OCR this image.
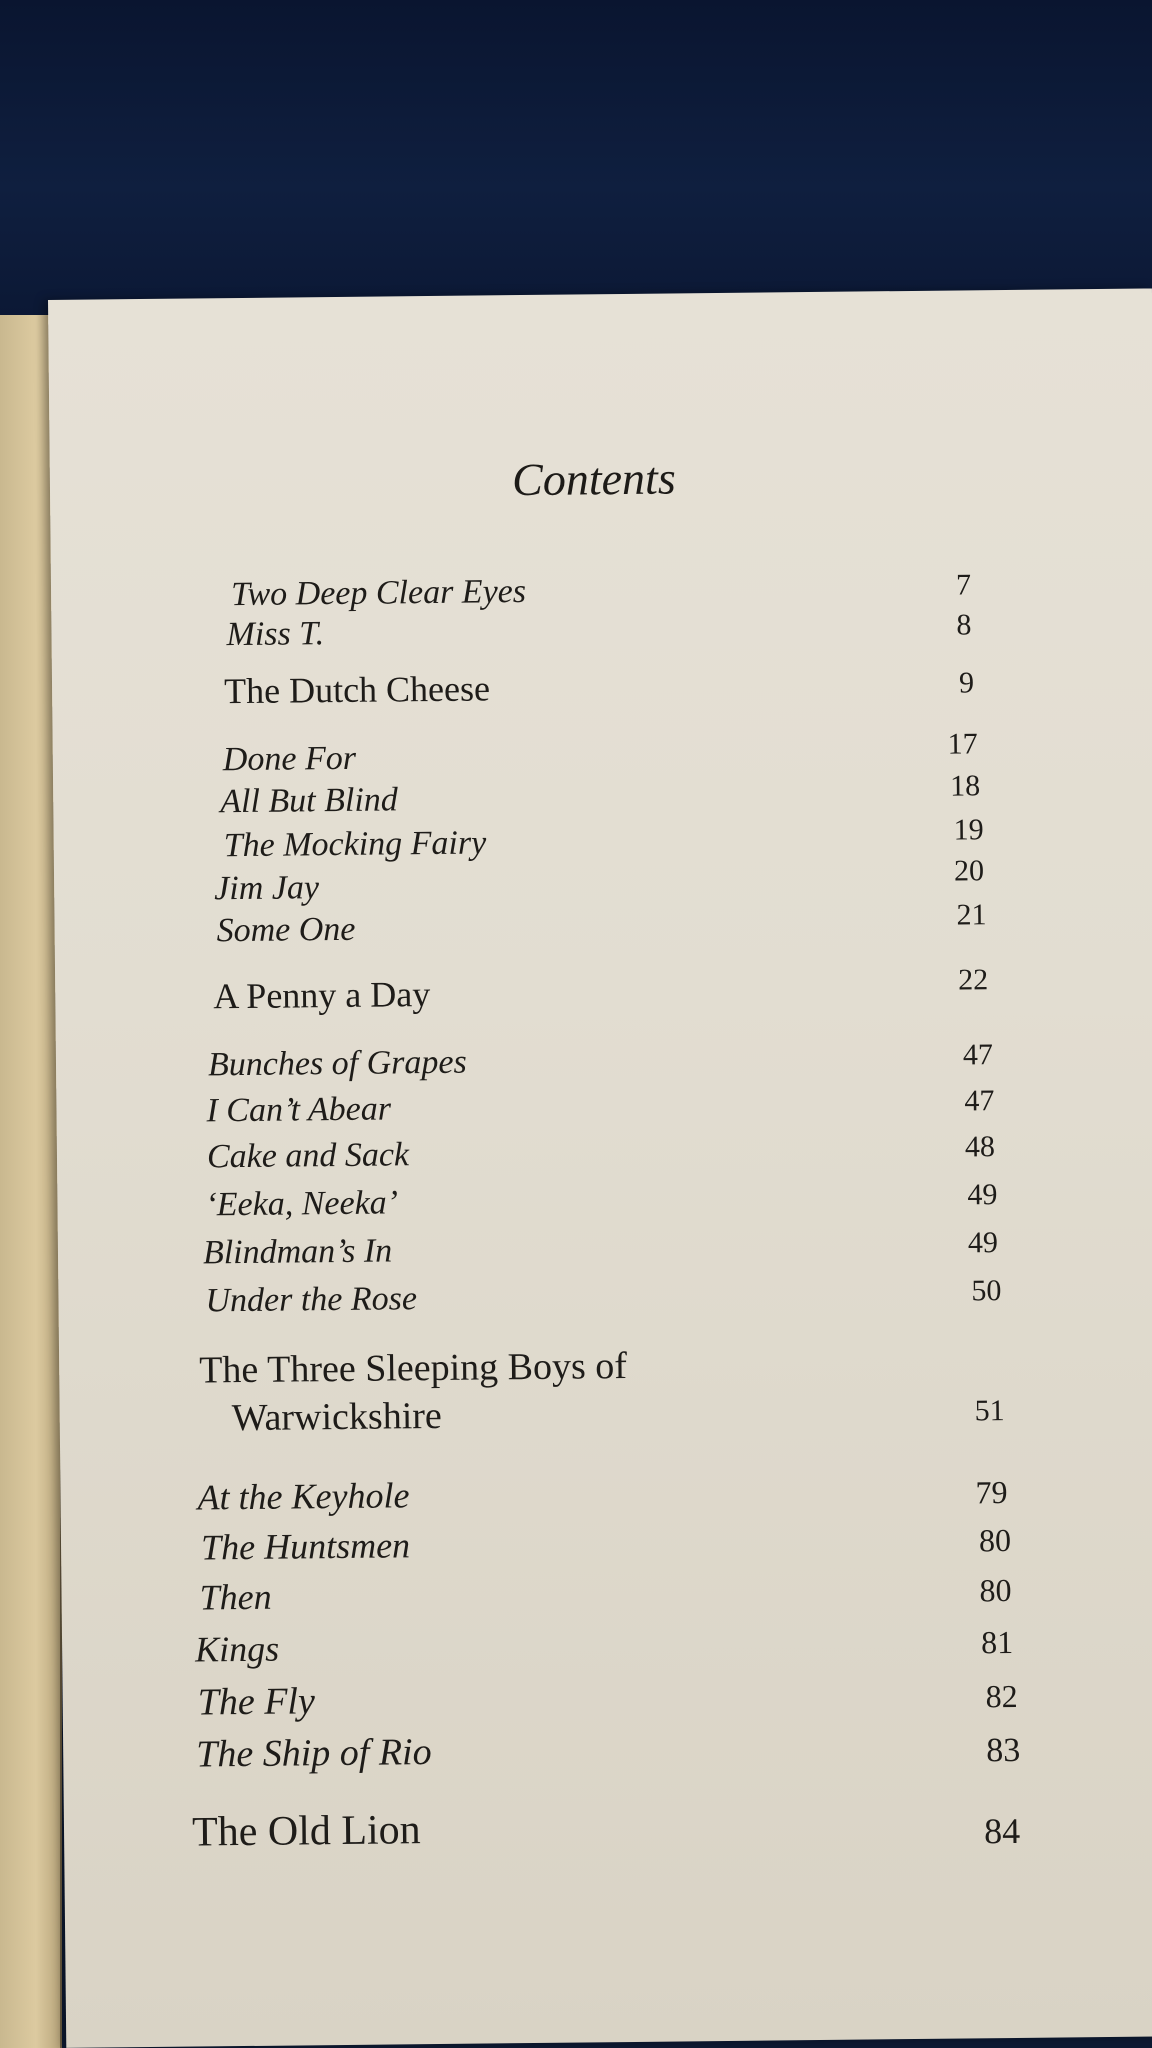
Contents
Two Deep Clear Eyes	7
Miss T.	8
The Dutch Cheese	9
Done For	17
All But Blind	18
The Mocking Fairy	19
Jim Jay	20
Some One	21
A Penny a Day	22
Bunches of Grapes	47
I Can’t Abear	47
Cake and Sack	48
‘Eeka, Neeka’	49
Blindman’s In	49
Under the Rose	50
The Three Sleeping Boys of
Warwickshire	51
At the Keyhole	79
The Huntsmen	80
Then	80
Kings	81
The Fly	82
The Ship of Rio	83
The Old Lion	84
